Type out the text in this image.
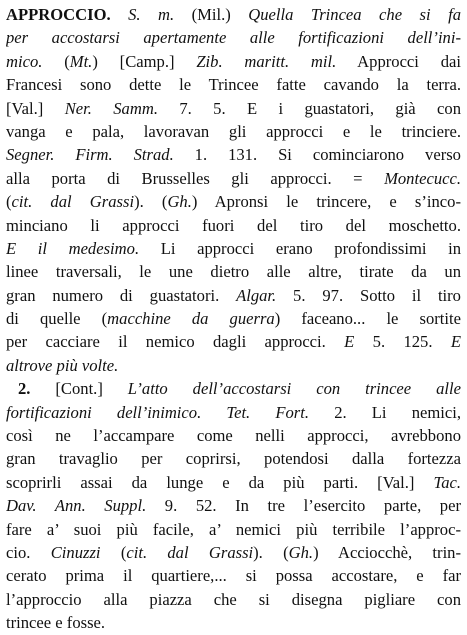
APPROCCIO. S. m. (Mil.) Quella Trincea che si fa
per accostarsi apertamente alle fortificazioni dell’ini-
mico. (Mt.) [Camp.] Zib. maritt. mil. Approcci dai
Francesi sono dette le Trincee fatte cavando la terra.
[Val.] Ner. Samm. 7. 5. E i guastatori, già con
vanga e pala, lavoravan gli approcci e le trinciere.
Segner. Firm. Strad. 1. 131. Si cominciarono verso
alla porta di Brusselles gli approcci. = Montecucc.
(cit. dal Grassi). (Gh.) Apronsi le trincere, e s’inco-
minciano li approcci fuori del tiro del moschetto.
E il medesimo. Li approcci erano profondissimi in
linee traversali, le une dietro alle altre, tirate da un
gran numero di guastatori. Algar. 5. 97. Sotto il tiro
di quelle (macchine da guerra) faceano... le sortite
per cacciare il nemico dagli approcci. E 5. 125. E
altrove più volte.
2. [Cont.] L’atto dell’accostarsi con trincee alle
fortificazioni dell’inimico. Tet. Fort. 2. Li nemici,
così ne l’accampare come nelli approcci, avrebbono
gran travaglio per coprirsi, potendosi dalla fortezza
scoprirli assai da lunge e da più parti. [Val.] Tac.
Dav. Ann. Suppl. 9. 52. In tre l’esercito parte, per
fare a’ suoi più facile, a’ nemici più terribile l’approc-
cio. Cinuzzi (cit. dal Grassi). (Gh.) Acciocchè, trin-
cerato prima il quartiere,... si possa accostare, e far
l’approccio alla piazza che si disegna pigliare con
trincee e fosse.
